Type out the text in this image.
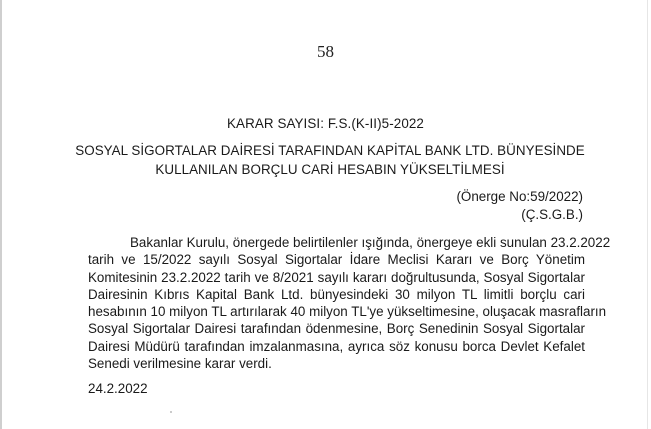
58
KARAR SAYISI: F.S.(K-II)5-2022
SOSYAL SİGORTALAR DAİRESİ TARAFINDAN KAPİTAL BANK LTD. BÜNYESİNDE
KULLANILAN BORÇLU CARİ HESABIN YÜKSELTİLMESİ
(Önerge No:59/2022)
(Ç.S.G.B.)
Bakanlar Kurulu, önergede belirtilenler ışığında, önergeye ekli sunulan 23.2.2022
tarih ve 15/2022 sayılı Sosyal Sigortalar İdare Meclisi Kararı ve Borç Yönetim
Komitesinin 23.2.2022 tarih ve 8/2021 sayılı kararı doğrultusunda, Sosyal Sigortalar
Dairesinin Kıbrıs Kapital Bank Ltd. bünyesindeki 30 milyon TL limitli borçlu cari
hesabının 10 milyon TL artırılarak 40 milyon TL'ye yükseltimesine, oluşacak masrafların
Sosyal Sigortalar Dairesi tarafından ödenmesine, Borç Senedinin Sosyal Sigortalar
Dairesi Müdürü tarafından imzalanmasına, ayrıca söz konusu borca Devlet Kefalet
Senedi verilmesine karar verdi.
24.2.2022
